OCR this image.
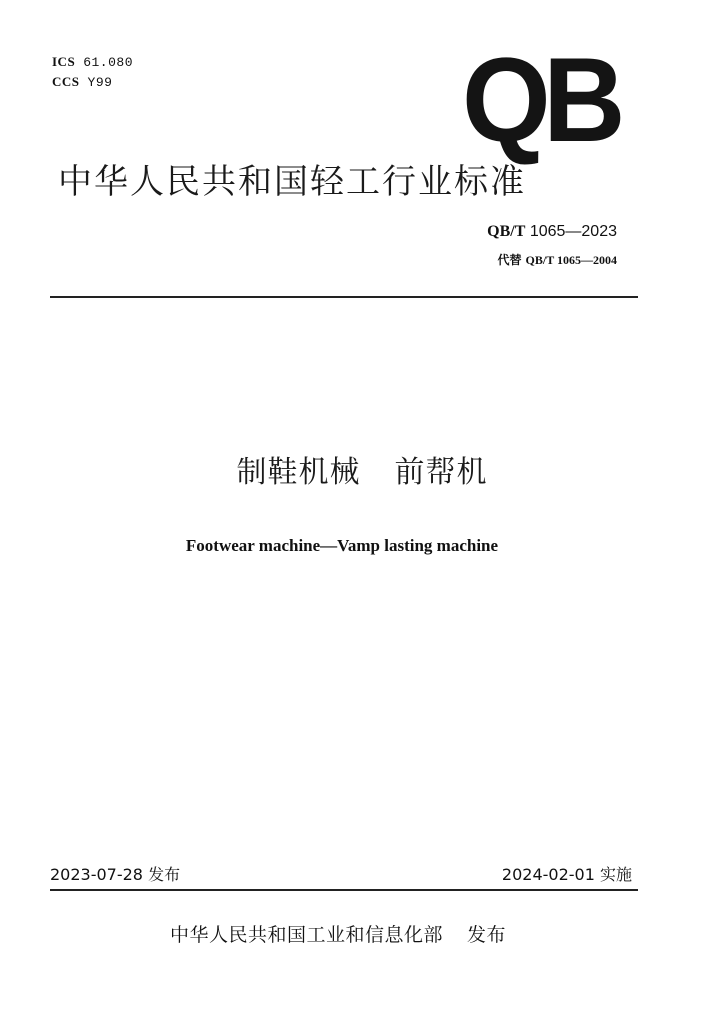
ICS 61.080
CCS Y99	QB
中华人民共和国轻工行业标准
QB/T 1065—2023
代替 QB/T 1065—2004
制鞋机械 前帮机
Footwear machine—Vamp lasting machine
2023-07-28 发布	2024-02-01 实施
中华人民共和国工业和信息化部 发布
